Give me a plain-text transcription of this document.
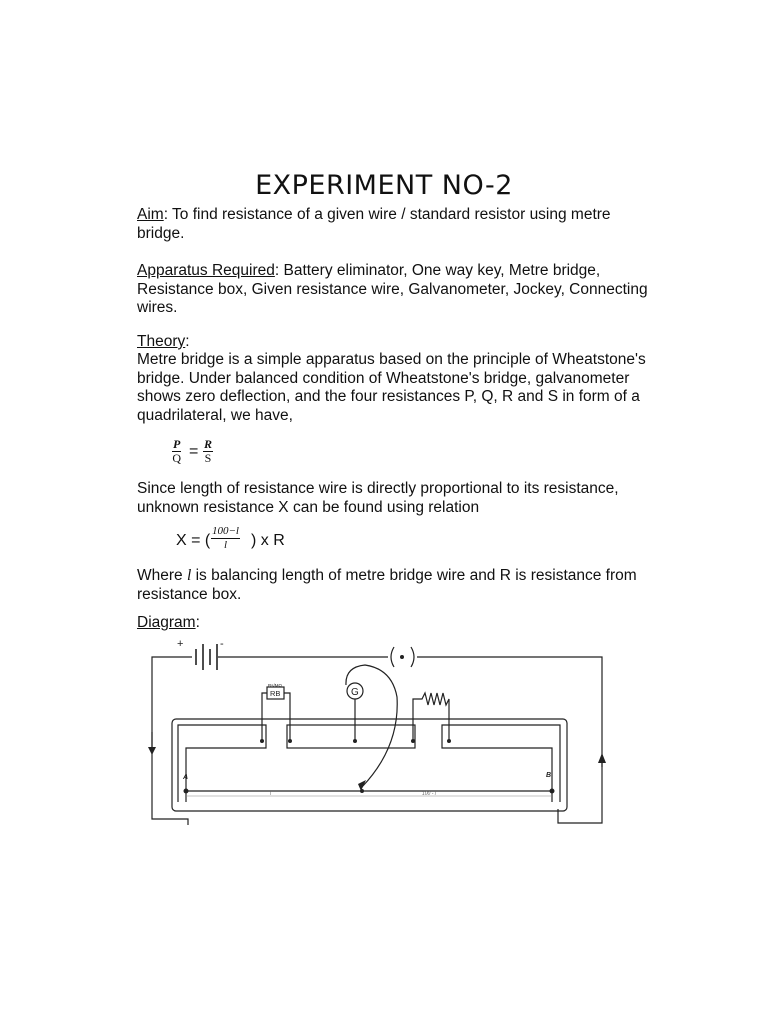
EXPERIMENT NO-2
Aim: To find resistance of a given wire / standard resistor using metre bridge.
Apparatus Required: Battery eliminator, One way key, Metre bridge, Resistance box, Given resistance wire, Galvanometer, Jockey, Connecting wires.
Theory:
Metre bridge is a simple apparatus based on the principle of Wheatstone's bridge. Under balanced condition of Wheatstone's bridge, galvanometer shows zero deflection, and the four resistances P, Q, R and S in form of a quadrilateral, we have,
$\frac{P}{Q} = \frac{R}{S}$
Since length of resistance wire is directly proportional to its resistance, unknown resistance X can be found using relation
X = ( $\frac{100-l}{l}$ ) x R
Where l is balancing length of metre bridge wire and R is resistance from resistance box.
Diagram:
+	-
Rs/MΩ
RB	G
A	B
l	100 - l
